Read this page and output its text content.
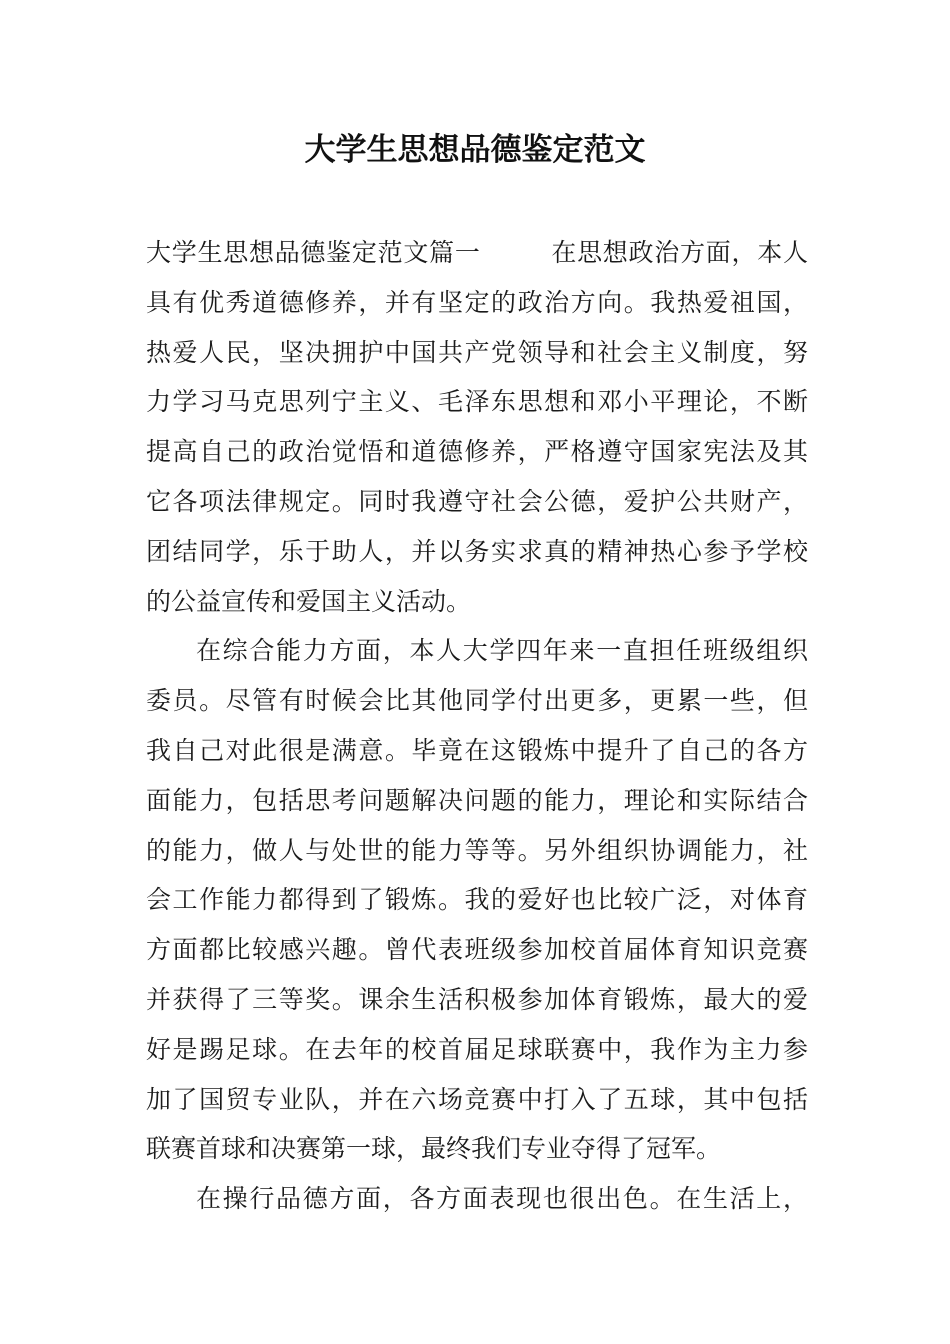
大学生思想品德鉴定范文
大学生思想品德鉴定范文篇一	在思想政治方面，本人
具有优秀道德修养，并有坚定的政治方向。我热爱祖国，
热爱人民，坚决拥护中国共产党领导和社会主义制度，努
力学习马克思列宁主义、毛泽东思想和邓小平理论，不断
提高自己的政治觉悟和道德修养，严格遵守国家宪法及其
它各项法律规定。同时我遵守社会公德，爱护公共财产，
团结同学，乐于助人，并以务实求真的精神热心参予学校
的公益宣传和爱国主义活动。
在综合能力方面，本人大学四年来一直担任班级组织
委员。尽管有时候会比其他同学付出更多，更累一些，但
我自己对此很是满意。毕竟在这锻炼中提升了自己的各方
面能力，包括思考问题解决问题的能力，理论和实际结合
的能力，做人与处世的能力等等。另外组织协调能力，社
会工作能力都得到了锻炼。我的爱好也比较广泛，对体育
方面都比较感兴趣。曾代表班级参加校首届体育知识竞赛
并获得了三等奖。课余生活积极参加体育锻炼，最大的爱
好是踢足球。在去年的校首届足球联赛中，我作为主力参
加了国贸专业队，并在六场竞赛中打入了五球，其中包括
联赛首球和决赛第一球，最终我们专业夺得了冠军。
在操行品德方面，各方面表现也很出色。在生活上，
